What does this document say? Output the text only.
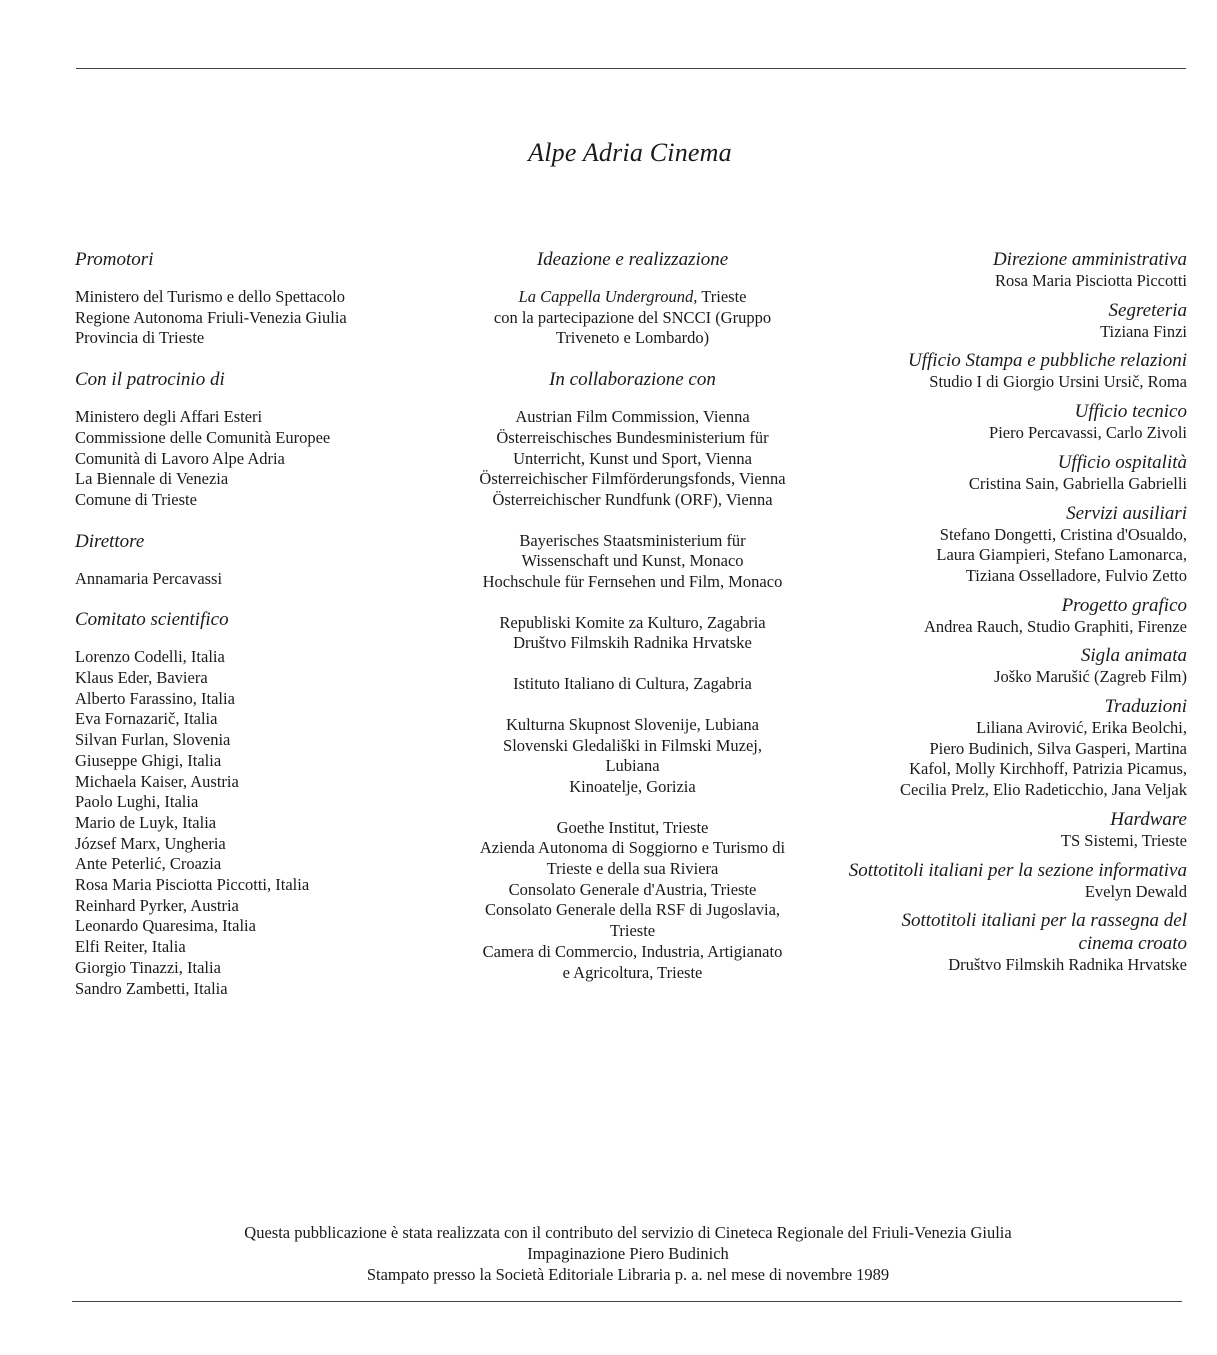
Alpe Adria Cinema
Promotori
Ministero del Turismo e dello Spettacolo
Regione Autonoma Friuli-Venezia Giulia
Provincia di Trieste
Con il patrocinio di
Ministero degli Affari Esteri
Commissione delle Comunità Europee
Comunità di Lavoro Alpe Adria
La Biennale di Venezia
Comune di Trieste
Direttore
Annamaria Percavassi
Comitato scientifico
Lorenzo Codelli, Italia
Klaus Eder, Baviera
Alberto Farassino, Italia
Eva Fornazarič, Italia
Silvan Furlan, Slovenia
Giuseppe Ghigi, Italia
Michaela Kaiser, Austria
Paolo Lughi, Italia
Mario de Luyk, Italia
József Marx, Ungheria
Ante Peterlić, Croazia
Rosa Maria Pisciotta Piccotti, Italia
Reinhard Pyrker, Austria
Leonardo Quaresima, Italia
Elfi Reiter, Italia
Giorgio Tinazzi, Italia
Sandro Zambetti, Italia
Ideazione e realizzazione
La Cappella Underground, Trieste
con la partecipazione del SNCCI (Gruppo
Triveneto e Lombardo)
In collaborazione con
Austrian Film Commission, Vienna
Österreischisches Bundesministerium für
Unterricht, Kunst und Sport, Vienna
Österreichischer Filmförderungsfonds, Vienna
Österreichischer Rundfunk (ORF), Vienna
Bayerisches Staatsministerium für
Wissenschaft und Kunst, Monaco
Hochschule für Fernsehen und Film, Monaco
Republiski Komite za Kulturo, Zagabria
Društvo Filmskih Radnika Hrvatske
Istituto Italiano di Cultura, Zagabria
Kulturna Skupnost Slovenije, Lubiana
Slovenski Gledališki in Filmski Muzej,
Lubiana
Kinoatelje, Gorizia
Goethe Institut, Trieste
Azienda Autonoma di Soggiorno e Turismo di
Trieste e della sua Riviera
Consolato Generale d'Austria, Trieste
Consolato Generale della RSF di Jugoslavia,
Trieste
Camera di Commercio, Industria, Artigianato
e Agricoltura, Trieste
Direzione amministrativa
Rosa Maria Pisciotta Piccotti
Segreteria
Tiziana Finzi
Ufficio Stampa e pubbliche relazioni
Studio I di Giorgio Ursini Ursič, Roma
Ufficio tecnico
Piero Percavassi, Carlo Zivoli
Ufficio ospitalità
Cristina Sain, Gabriella Gabrielli
Servizi ausiliari
Stefano Dongetti, Cristina d'Osualdo,
Laura Giampieri, Stefano Lamonarca,
Tiziana Osselladore, Fulvio Zetto
Progetto grafico
Andrea Rauch, Studio Graphiti, Firenze
Sigla animata
Joško Marušić (Zagreb Film)
Traduzioni
Liliana Avirović, Erika Beolchi,
Piero Budinich, Silva Gasperi, Martina
Kafol, Molly Kirchhoff, Patrizia Picamus,
Cecilia Prelz, Elio Radeticchio, Jana Veljak
Hardware
TS Sistemi, Trieste
Sottotitoli italiani per la sezione informativa
Evelyn Dewald
Sottotitoli italiani per la rassegna del cinema croato
Društvo Filmskih Radnika Hrvatske
Questa pubblicazione è stata realizzata con il contributo del servizio di Cineteca Regionale del Friuli-Venezia Giulia
Impaginazione Piero Budinich
Stampato presso la Società Editoriale Libraria p. a. nel mese di novembre 1989
